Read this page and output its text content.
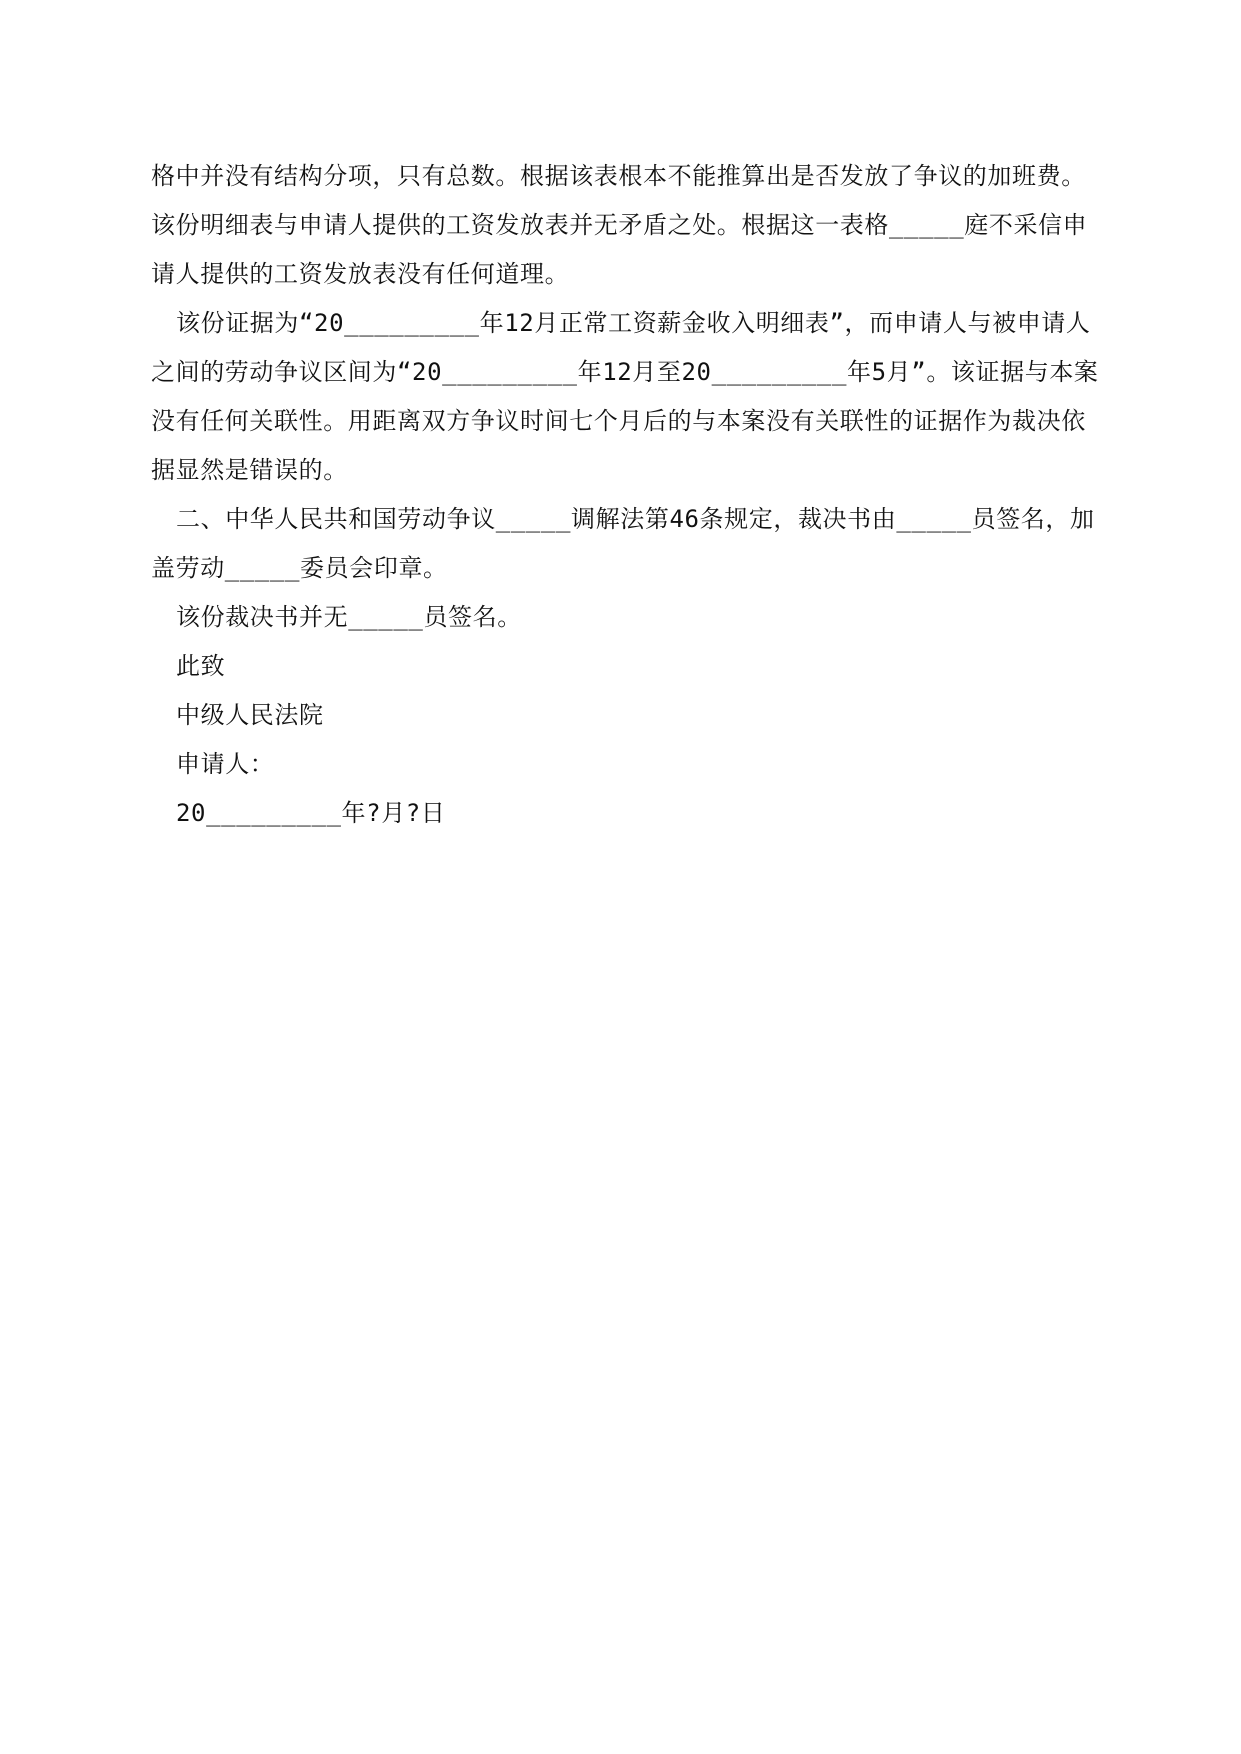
格中并没有结构分项，只有总数。根据该表根本不能推算出是否发放了争议的加班费。
该份明细表与申请人提供的工资发放表并无矛盾之处。根据这一表格_____庭不采信申
请人提供的工资发放表没有任何道理。
该份证据为“20_________年12月正常工资薪金收入明细表”，而申请人与被申请人
之间的劳动争议区间为“20_________年12月至20_________年5月”。该证据与本案
没有任何关联性。用距离双方争议时间七个月后的与本案没有关联性的证据作为裁决依
据显然是错误的。
二、中华人民共和国劳动争议_____调解法第46条规定，裁决书由_____员签名，加
盖劳动_____委员会印章。
该份裁决书并无_____员签名。
此致
中级人民法院
申请人：
20_________年?月?日
